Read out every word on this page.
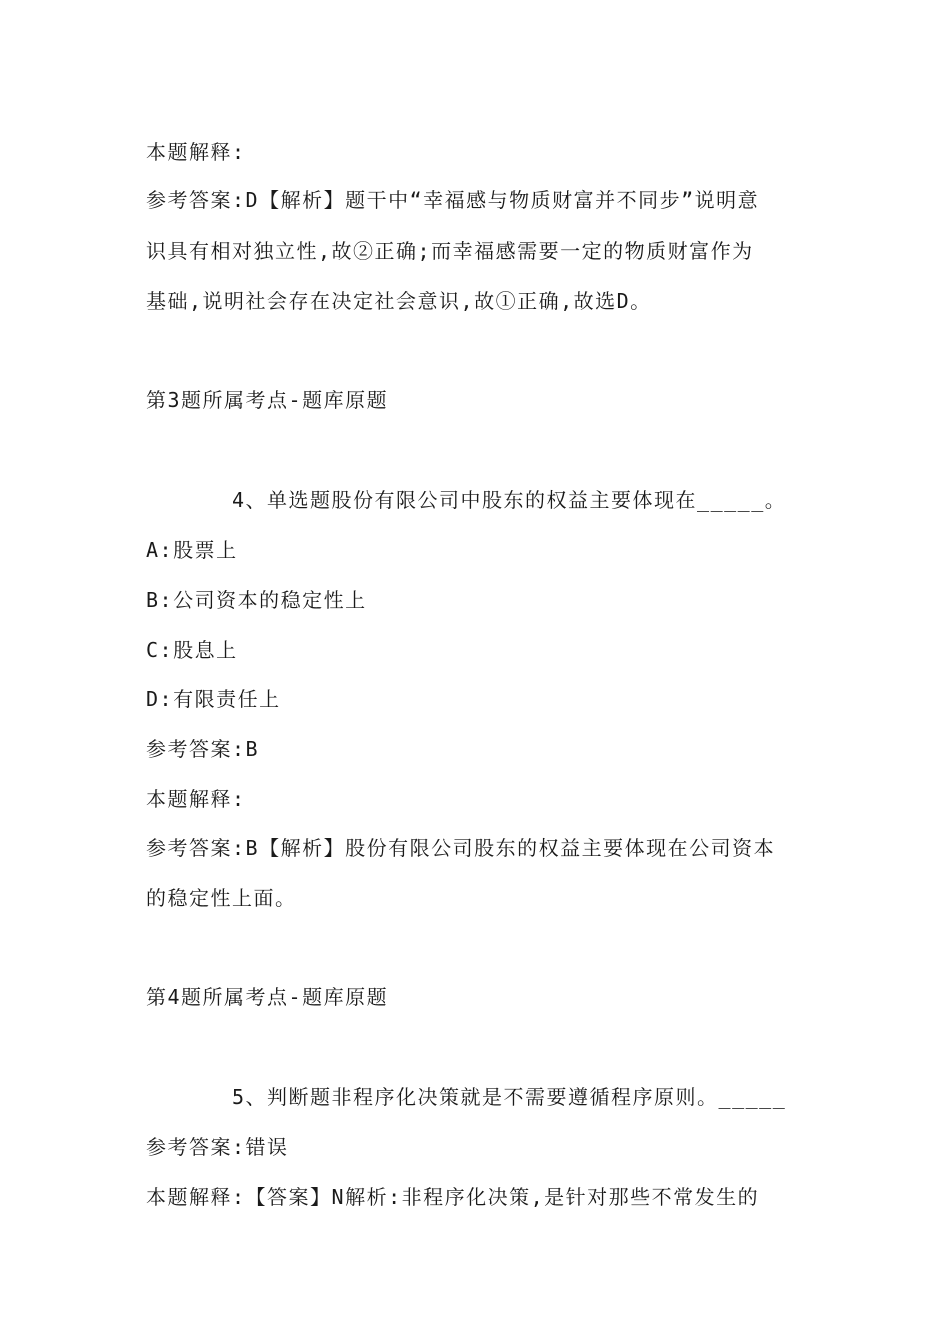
本题解释:
参考答案:D【解析】题干中“幸福感与物质财富并不同步”说明意
识具有相对独立性,故②正确;而幸福感需要一定的物质财富作为
基础,说明社会存在决定社会意识,故①正确,故选D。
第3题所属考点-题库原题
4、单选题股份有限公司中股东的权益主要体现在_____。
A:股票上
B:公司资本的稳定性上
C:股息上
D:有限责任上
参考答案:B
本题解释:
参考答案:B【解析】股份有限公司股东的权益主要体现在公司资本
的稳定性上面。
第4题所属考点-题库原题
5、判断题非程序化决策就是不需要遵循程序原则。_____
参考答案:错误
本题解释:【答案】N解析:非程序化决策,是针对那些不常发生的
